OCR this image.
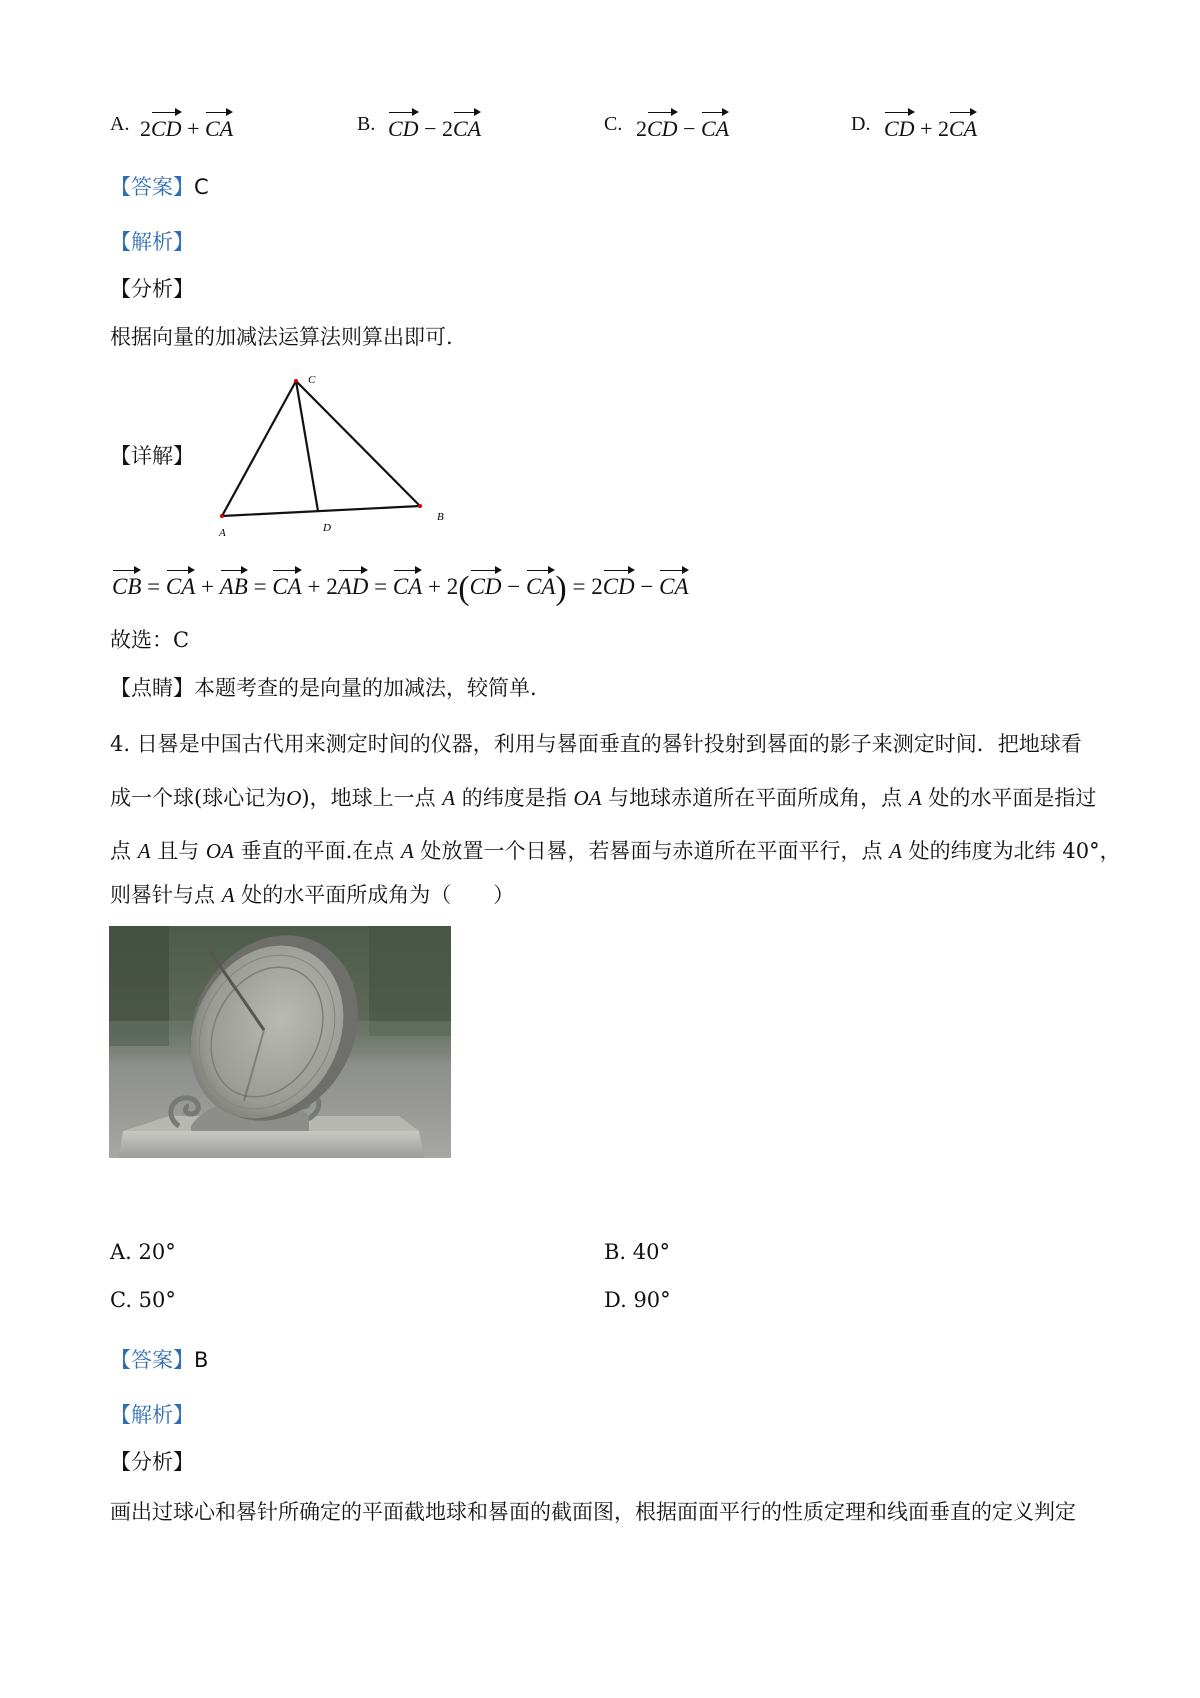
A. 2CD + CA	B. CD − 2CA	C. 2CD − CA	D. CD + 2CA
【答案】C
【解析】
【分析】
根据向量的加减法运算法则算出即可.
【详解】
C
A	D
B
CB = CA + AB = CA + 2AD = CA + 2(CD − CA) = 2CD − CA
故选：C
【点睛】本题考查的是向量的加减法，较简单.
4. 日晷是中国古代用来测定时间的仪器，利用与晷面垂直的晷针投射到晷面的影子来测定时间．把地球看
成一个球(球心记为O)，地球上一点 A 的纬度是指 OA 与地球赤道所在平面所成角，点 A 处的水平面是指过
点 A 且与 OA 垂直的平面.在点 A 处放置一个日晷，若晷面与赤道所在平面平行，点 A 处的纬度为北纬 40°，
则晷针与点 A 处的水平面所成角为（　　）
A. 20°	B. 40°
C. 50°	D. 90°
【答案】B
【解析】
【分析】
画出过球心和晷针所确定的平面截地球和晷面的截面图，根据面面平行的性质定理和线面垂直的定义判定
